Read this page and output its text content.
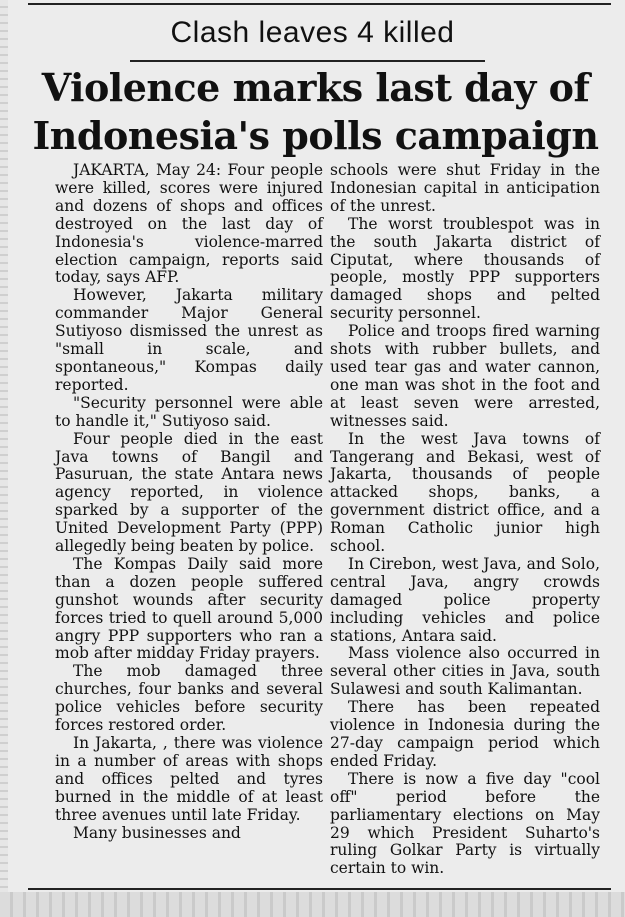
Clash leaves 4 killed
Violence marks last day of
Indonesia's polls campaign

JAKARTA, May 24: Four people were killed, scores were injured and dozens of shops and offices destroyed on the last day of Indonesia's violence-marred election campaign, reports said today, says AFP.

However, Jakarta military commander Major General Sutiyoso dismissed the unrest as "small in scale, and spontaneous," Kompas daily reported.

"Security personnel were able to handle it," Sutiyoso said.

Four people died in the east Java towns of Bangil and Pasuruan, the state Antara news agency reported, in violence sparked by a supporter of the United Development Party (PPP) allegedly being beaten by police.

The Kompas Daily said more than a dozen people suffered gunshot wounds after security forces tried to quell around 5,000 angry PPP supporters who ran a mob after midday Friday prayers.

The mob damaged three churches, four banks and several police vehicles before security forces restored order.

In Jakarta, , there was violence in a number of areas with shops and offices pelted and tyres burned in the middle of at least three avenues until late Friday.

Many businesses and

schools were shut Friday in the Indonesian capital in anticipation of the unrest.

The worst troublespot was in the south Jakarta district of Ciputat, where thousands of people, mostly PPP supporters damaged shops and pelted security personnel.

Police and troops fired warning shots with rubber bullets, and used tear gas and water cannon, one man was shot in the foot and at least seven were arrested, witnesses said.

In the west Java towns of Tangerang and Bekasi, west of Jakarta, thousands of people attacked shops, banks, a government district office, and a Roman Catholic junior high school.

In Cirebon, west Java, and Solo, central Java, angry crowds damaged police property including vehicles and police stations, Antara said.

Mass violence also occurred in several other cities in Java, south Sulawesi and south Kalimantan.

There has been repeated violence in Indonesia during the 27-day campaign period which ended Friday.

There is now a five day "cool off" period before the parliamentary elections on May 29 which President Suharto's ruling Golkar Party is virtually certain to win.
